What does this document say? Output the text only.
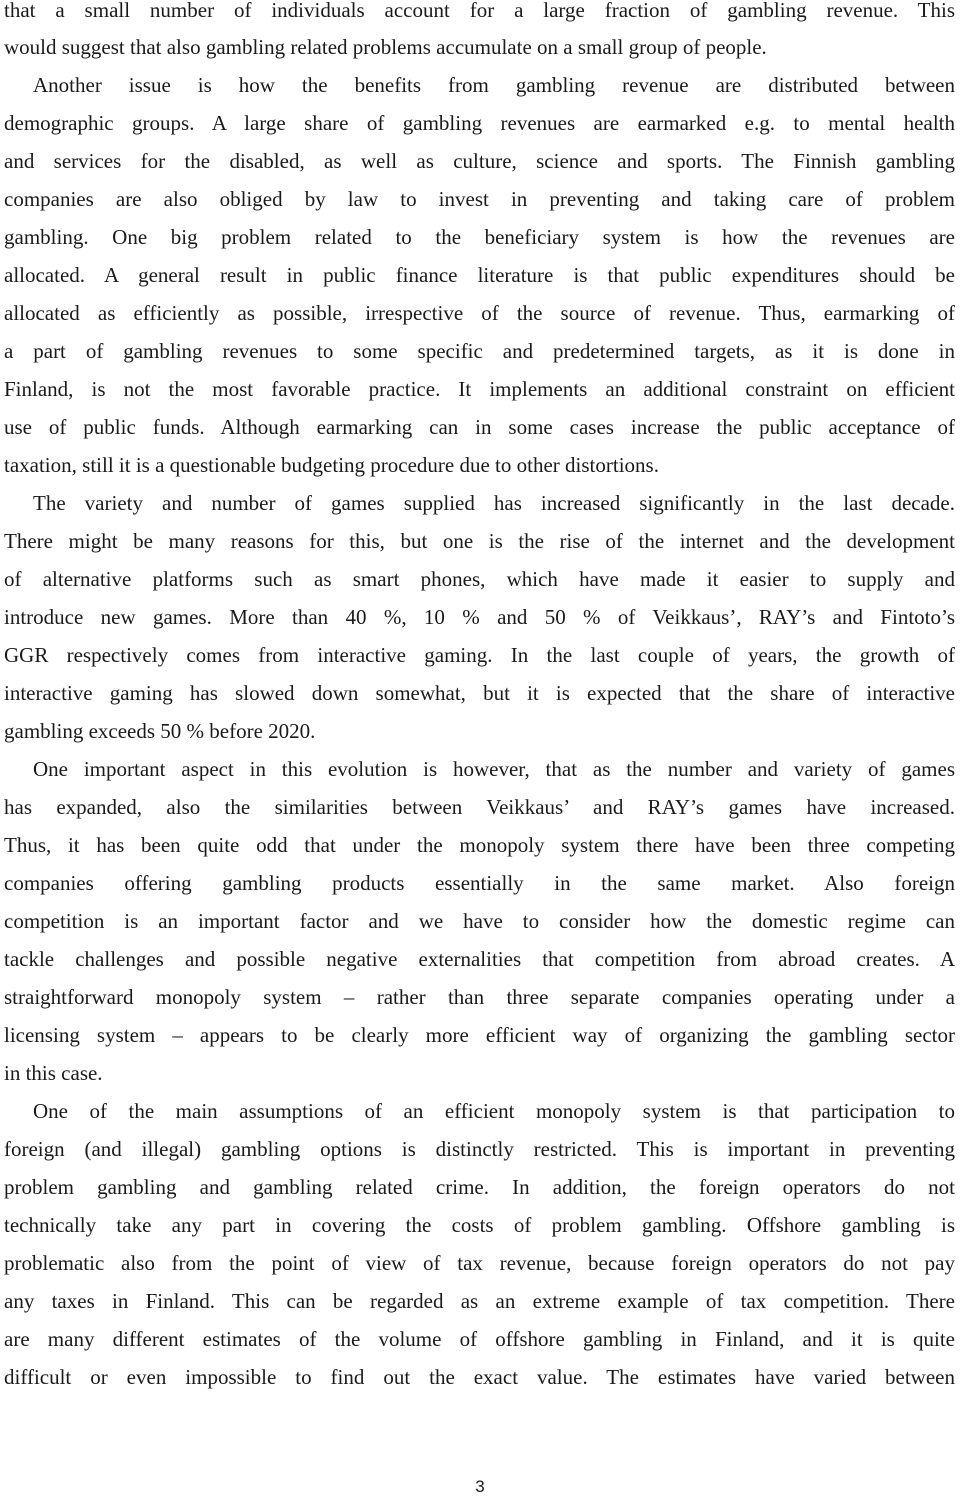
that a small number of individuals account for a large fraction of gambling revenue. This
would suggest that also gambling related problems accumulate on a small group of people.
Another issue is how the benefits from gambling revenue are distributed between
demographic groups. A large share of gambling revenues are earmarked e.g. to mental health
and services for the disabled, as well as culture, science and sports. The Finnish gambling
companies are also obliged by law to invest in preventing and taking care of problem
gambling. One big problem related to the beneficiary system is how the revenues are
allocated. A general result in public finance literature is that public expenditures should be
allocated as efficiently as possible, irrespective of the source of revenue. Thus, earmarking of
a part of gambling revenues to some specific and predetermined targets, as it is done in
Finland, is not the most favorable practice. It implements an additional constraint on efficient
use of public funds. Although earmarking can in some cases increase the public acceptance of
taxation, still it is a questionable budgeting procedure due to other distortions.
The variety and number of games supplied has increased significantly in the last decade.
There might be many reasons for this, but one is the rise of the internet and the development
of alternative platforms such as smart phones, which have made it easier to supply and
introduce new games. More than 40 %, 10 % and 50 % of Veikkaus’, RAY’s and Fintoto’s
GGR respectively comes from interactive gaming. In the last couple of years, the growth of
interactive gaming has slowed down somewhat, but it is expected that the share of interactive
gambling exceeds 50 % before 2020.
One important aspect in this evolution is however, that as the number and variety of games
has expanded, also the similarities between Veikkaus’ and RAY’s games have increased.
Thus, it has been quite odd that under the monopoly system there have been three competing
companies offering gambling products essentially in the same market. Also foreign
competition is an important factor and we have to consider how the domestic regime can
tackle challenges and possible negative externalities that competition from abroad creates. A
straightforward monopoly system – rather than three separate companies operating under a
licensing system – appears to be clearly more efficient way of organizing the gambling sector
in this case.
One of the main assumptions of an efficient monopoly system is that participation to
foreign (and illegal) gambling options is distinctly restricted. This is important in preventing
problem gambling and gambling related crime. In addition, the foreign operators do not
technically take any part in covering the costs of problem gambling. Offshore gambling is
problematic also from the point of view of tax revenue, because foreign operators do not pay
any taxes in Finland. This can be regarded as an extreme example of tax competition. There
are many different estimates of the volume of offshore gambling in Finland, and it is quite
difficult or even impossible to find out the exact value. The estimates have varied between
3
